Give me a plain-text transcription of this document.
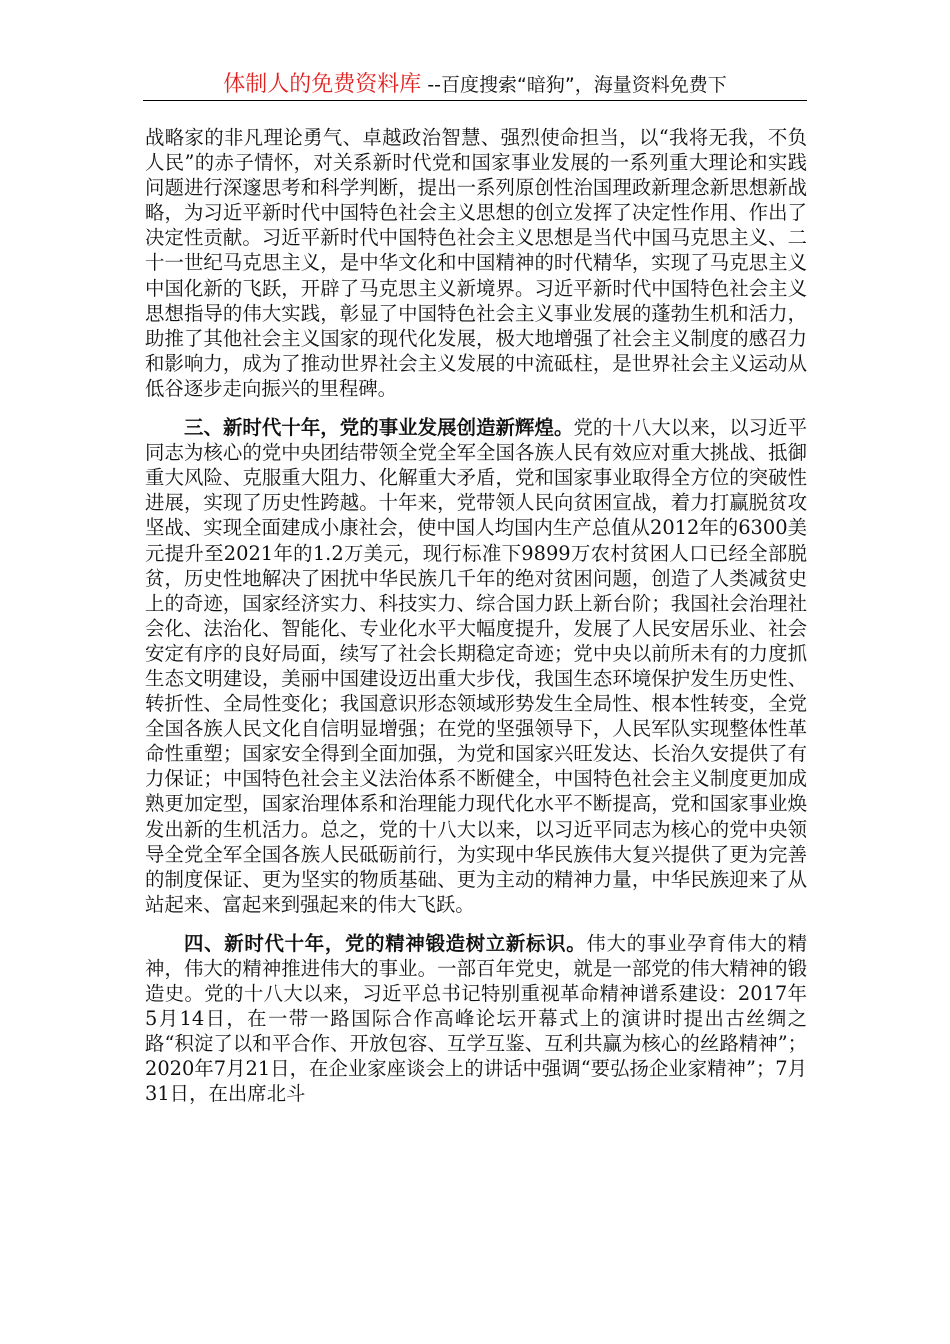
体制人的免费资料库 --百度搜索“暗狗”，海量资料免费下

战略家的非凡理论勇气、卓越政治智慧、强烈使命担当，以“我将无我，不负人民”的赤子情怀，对关系新时代党和国家事业发展的一系列重大理论和实践问题进行深邃思考和科学判断，提出一系列原创性治国理政新理念新思想新战略，为习近平新时代中国特色社会主义思想的创立发挥了决定性作用、作出了决定性贡献。习近平新时代中国特色社会主义思想是当代中国马克思主义、二十一世纪马克思主义，是中华文化和中国精神的时代精华，实现了马克思主义中国化新的飞跃，开辟了马克思主义新境界。习近平新时代中国特色社会主义思想指导的伟大实践，彰显了中国特色社会主义事业发展的蓬勃生机和活力，助推了其他社会主义国家的现代化发展，极大地增强了社会主义制度的感召力和影响力，成为了推动世界社会主义发展的中流砥柱，是世界社会主义运动从低谷逐步走向振兴的里程碑。

三、新时代十年，党的事业发展创造新辉煌。党的十八大以来，以习近平同志为核心的党中央团结带领全党全军全国各族人民有效应对重大挑战、抵御重大风险、克服重大阻力、化解重大矛盾，党和国家事业取得全方位的突破性进展，实现了历史性跨越。十年来，党带领人民向贫困宣战，着力打赢脱贫攻坚战、实现全面建成小康社会，使中国人均国内生产总值从2012年的6300美元提升至2021年的1.2万美元，现行标准下9899万农村贫困人口已经全部脱贫，历史性地解决了困扰中华民族几千年的绝对贫困问题，创造了人类减贫史上的奇迹，国家经济实力、科技实力、综合国力跃上新台阶；我国社会治理社会化、法治化、智能化、专业化水平大幅度提升，发展了人民安居乐业、社会安定有序的良好局面，续写了社会长期稳定奇迹；党中央以前所未有的力度抓生态文明建设，美丽中国建设迈出重大步伐，我国生态环境保护发生历史性、转折性、全局性变化；我国意识形态领域形势发生全局性、根本性转变，全党全国各族人民文化自信明显增强；在党的坚强领导下，人民军队实现整体性革命性重塑；国家安全得到全面加强，为党和国家兴旺发达、长治久安提供了有力保证；中国特色社会主义法治体系不断健全，中国特色社会主义制度更加成熟更加定型，国家治理体系和治理能力现代化水平不断提高，党和国家事业焕发出新的生机活力。总之，党的十八大以来，以习近平同志为核心的党中央领导全党全军全国各族人民砥砺前行，为实现中华民族伟大复兴提供了更为完善的制度保证、更为坚实的物质基础、更为主动的精神力量，中华民族迎来了从站起来、富起来到强起来的伟大飞跃。

四、新时代十年，党的精神锻造树立新标识。伟大的事业孕育伟大的精神，伟大的精神推进伟大的事业。一部百年党史，就是一部党的伟大精神的锻造史。党的十八大以来，习近平总书记特别重视革命精神谱系建设：2017年5月14日，在一带一路国际合作高峰论坛开幕式上的演讲时提出古丝绸之路“积淀了以和平合作、开放包容、互学互鉴、互利共赢为核心的丝路精神”；2020年7月21日，在企业家座谈会上的讲话中强调“要弘扬企业家精神”；7月31日，在出席北斗
